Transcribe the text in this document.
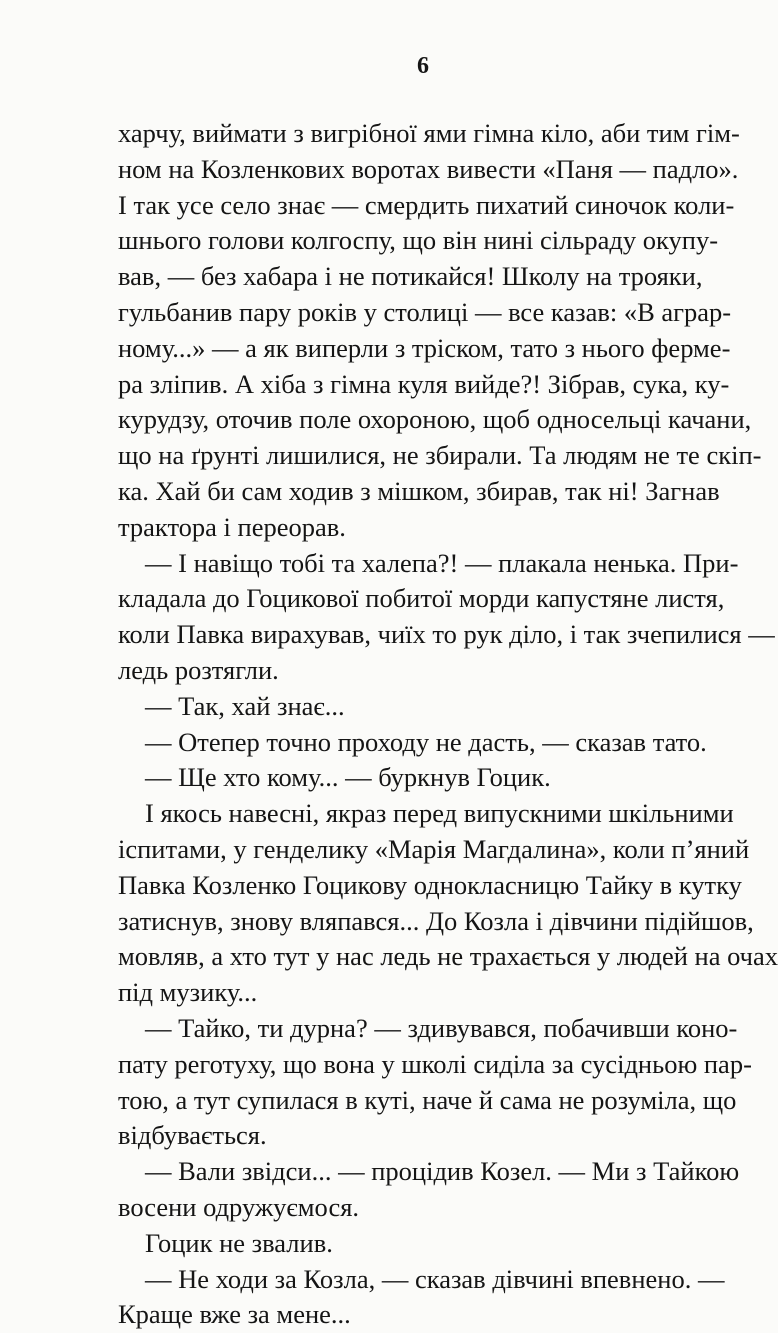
6
харчу, виймати з вигрібної ями гімна кіло, аби тим гім-
ном на Козленкових воротах вивести «Паня — падло».
І так усе село знає — смердить пихатий синочок коли-
шнього голови колгоспу, що він нині сільраду окупу-
вав, — без хабара і не потикайся! Школу на трояки,
гульбанив пару років у столиці — все казав: «В аграр-
ному...» — а як виперли з тріском, тато з нього ферме-
ра зліпив. А хіба з гімна куля вийде?! Зібрав, сука, ку-
курудзу, оточив поле охороною, щоб односельці качани,
що на ґрунті лишилися, не збирали. Та людям не те скіп-
ка. Хай би сам ходив з мішком, збирав, так ні! Загнав
трактора і переорав.
— І навіщо тобі та халепа?! — плакала ненька. При-
кладала до Гоцикової побитої морди капустяне листя,
коли Павка вирахував, чиїх то рук діло, і так зчепилися —
ледь розтягли.
— Так, хай знає...
— Отепер точно проходу не дасть, — сказав тато.
— Ще хто кому... — буркнув Гоцик.
І якось навесні, якраз перед випускними шкільними
іспитами, у генделику «Марія Магдалина», коли п’яний
Павка Козленко Гоцикову однокласницю Тайку в кутку
затиснув, знову вляпався... До Козла і дівчини підійшов,
мовляв, а хто тут у нас ледь не трахається у людей на очах
під музику...
— Тайко, ти дурна? — здивувався, побачивши коно-
пату реготуху, що вона у школі сиділа за сусідньою пар-
тою, а тут супилася в куті, наче й сама не розуміла, що
відбувається.
— Вали звідси... — процідив Козел. — Ми з Тайкою
восени одружуємося.
Гоцик не звалив.
— Не ходи за Козла, — сказав дівчині впевнено. —
Краще вже за мене...
